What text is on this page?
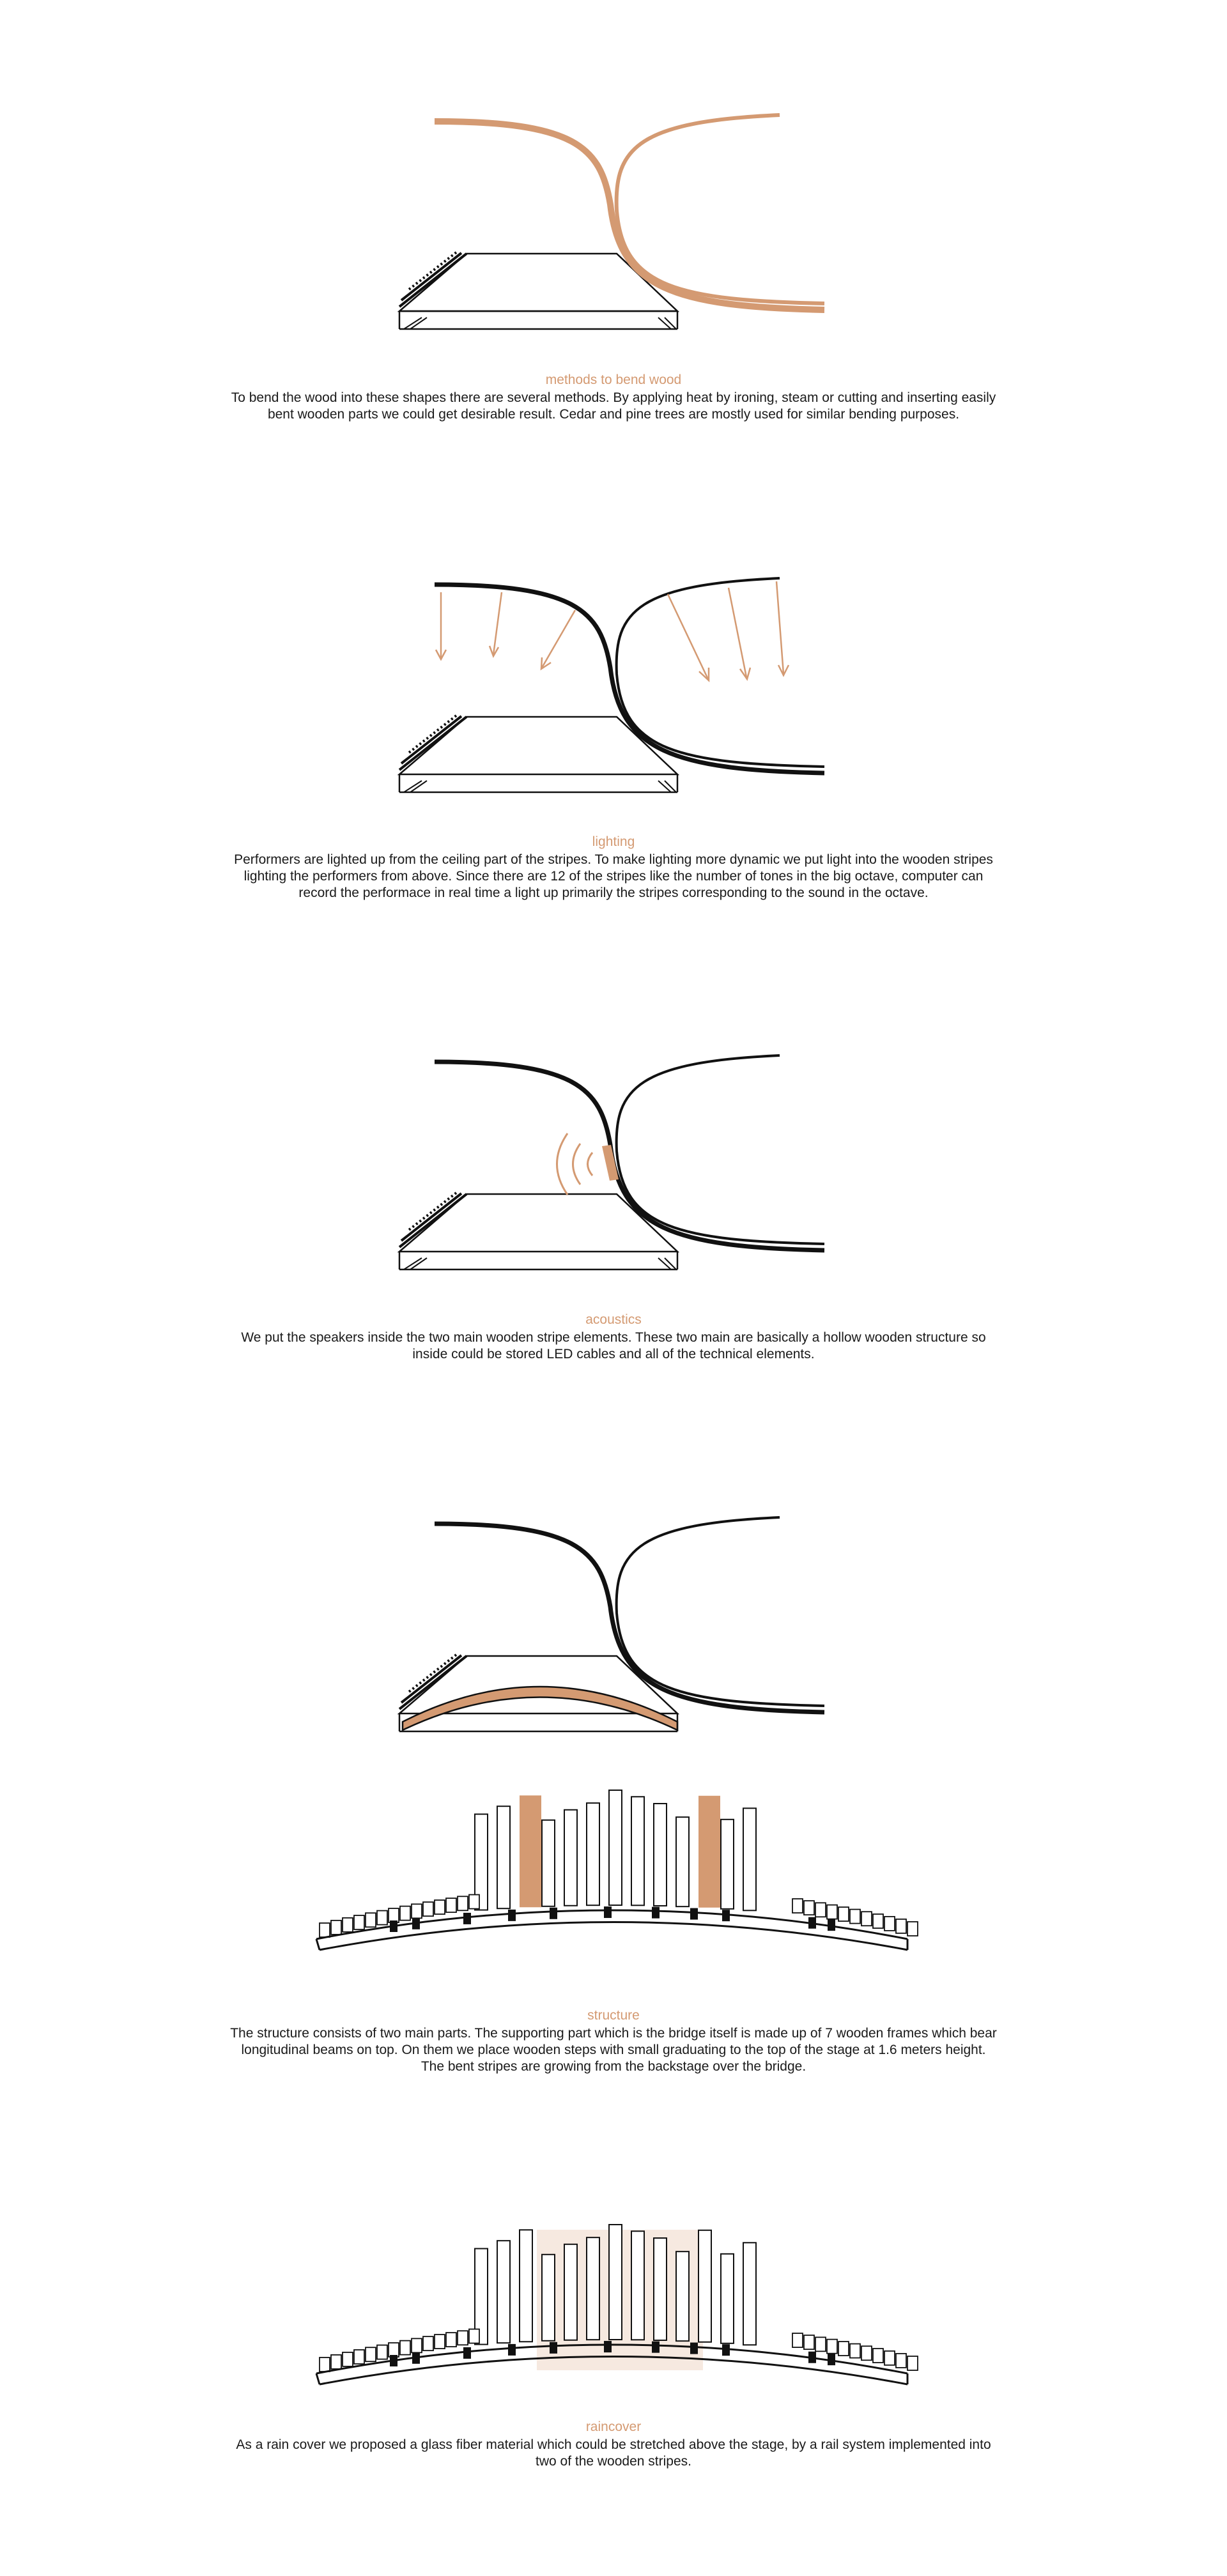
methods to bend wood

To bend the wood into these shapes there are several methods. By applying heat by ironing, steam or cutting and inserting easily bent wooden parts we could get desirable result. Cedar and pine trees are mostly used for similar bending purposes.

lighting

Performers are lighted up from the ceiling part of the stripes. To make lighting more dynamic we put light into the wooden stripes lighting the performers from above. Since there are 12 of the stripes like the number of tones in the big octave, computer can record the performace in real time a light up primarily the stripes corresponding to the sound in the octave.

acoustics

We put the speakers inside the two main wooden stripe elements. These two main are basically a hollow wooden structure so inside could be stored LED cables and all of the technical elements.

structure

The structure consists of two main parts. The supporting part which is the bridge itself is made up of 7 wooden frames which bear longitudinal beams on top. On them we place wooden steps with small graduating to the top of the stage at 1.6 meters height. The bent stripes are growing from the backstage over the bridge.

raincover

As a rain cover we proposed a glass fiber material which could be stretched above the stage, by a rail system implemented into two of the wooden stripes.
